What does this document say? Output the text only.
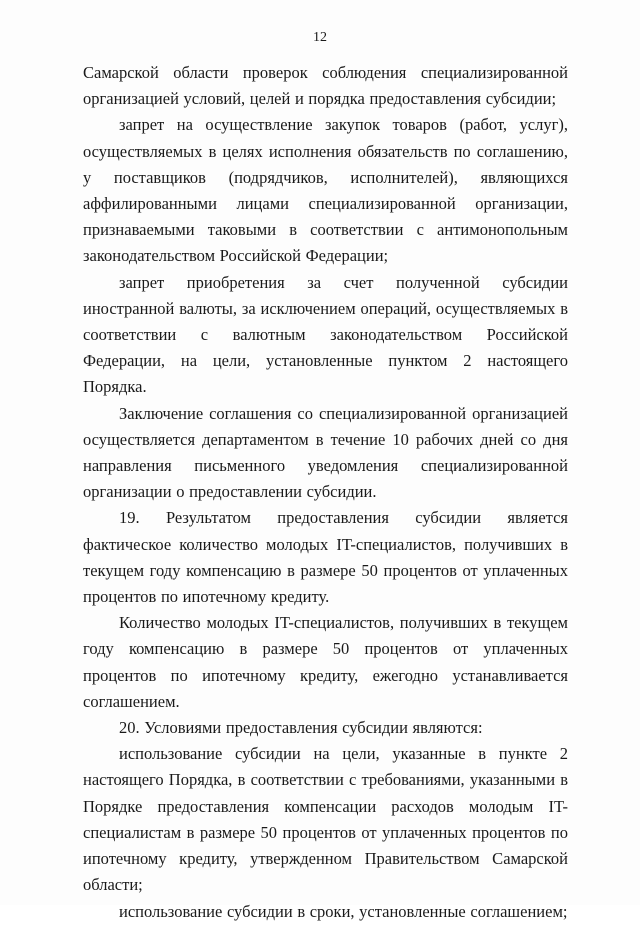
12

Самарской области проверок соблюдения специализированной организацией условий, целей и порядка предоставления субсидии;

запрет на осуществление закупок товаров (работ, услуг), осуществляемых в целях исполнения обязательств по соглашению, у поставщиков (подрядчиков, исполнителей), являющихся аффилированными лицами специализированной организации, признаваемыми таковыми в соответствии с антимонопольным законодательством Российской Федерации;

запрет приобретения за счет полученной субсидии иностранной валюты, за исключением операций, осуществляемых в соответствии с валютным законодательством Российской Федерации, на цели, установленные пунктом 2 настоящего Порядка.

Заключение соглашения со специализированной организацией осуществляется департаментом в течение 10 рабочих дней со дня направления письменного уведомления специализированной организации о предоставлении субсидии.

19. Результатом предоставления субсидии является фактическое количество молодых IT-специалистов, получивших в текущем году компенсацию в размере 50 процентов от уплаченных процентов по ипотечному кредиту.

Количество молодых IT-специалистов, получивших в текущем году компенсацию в размере 50 процентов от уплаченных процентов по ипотечному кредиту, ежегодно устанавливается соглашением.

20. Условиями предоставления субсидии являются:

использование субсидии на цели, указанные в пункте 2 настоящего Порядка, в соответствии с требованиями, указанными в Порядке предоставления компенсации расходов молодым IT-специалистам в размере 50 процентов от уплаченных процентов по ипотечному кредиту, утвержденном Правительством Самарской области;

использование субсидии в сроки, установленные соглашением;
